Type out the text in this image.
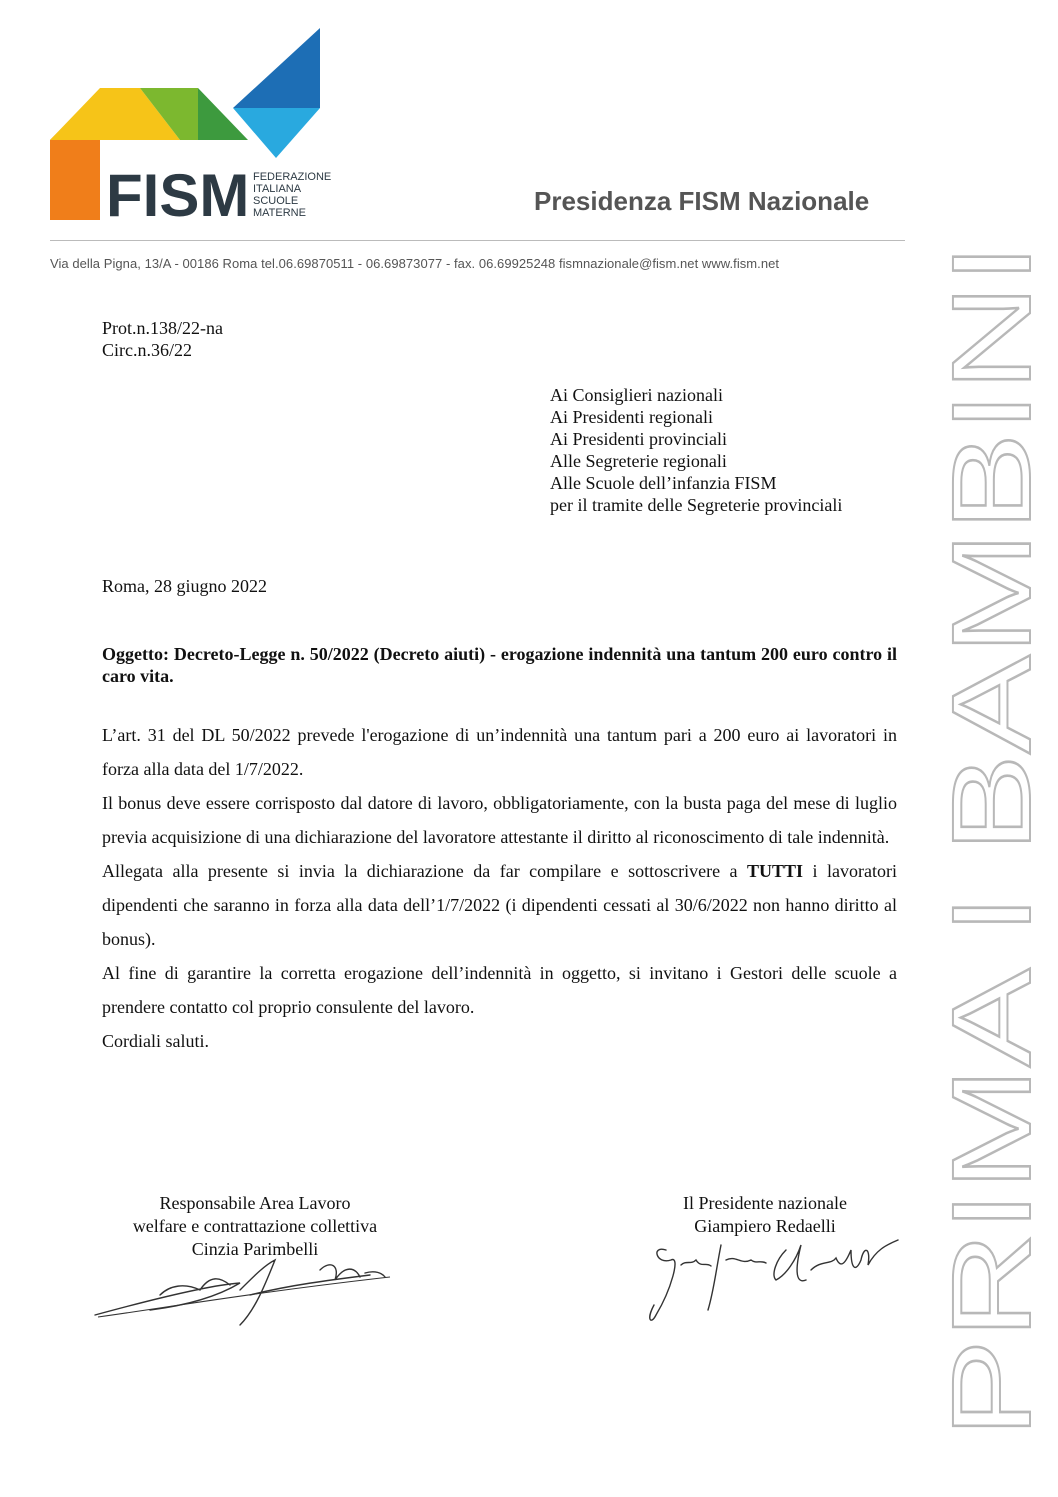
FISM FEDERAZIONE
ITALIANA
SCUOLE
MATERNE	Presidenza FISM Nazionale
Via della Pigna, 13/A - 00186 Roma tel.06.69870511 - 06.69873077 - fax. 06.69925248 fismnazionale@fism.net www.fism.net
PRIMA I BAMBINI
Prot.n.138/22-na
Circ.n.36/22
Ai Consiglieri nazionali
Ai Presidenti regionali
Ai Presidenti provinciali
Alle Segreterie regionali
Alle Scuole dell’infanzia FISM
per il tramite delle Segreterie provinciali
Roma, 28 giugno 2022
Oggetto: Decreto-Legge n. 50/2022 (Decreto aiuti) - erogazione indennità una tantum 200 euro contro il caro vita.

L’art. 31 del DL 50/2022 prevede l'erogazione di un’indennità una tantum pari a 200 euro ai lavoratori in forza alla data del 1/7/2022.

Il bonus deve essere corrisposto dal datore di lavoro, obbligatoriamente, con la busta paga del mese di luglio previa acquisizione di una dichiarazione del lavoratore attestante il diritto al riconoscimento di tale indennità.

Allegata alla presente si invia la dichiarazione da far compilare e sottoscrivere a TUTTI i lavoratori dipendenti che saranno in forza alla data dell’1/7/2022 (i dipendenti cessati al 30/6/2022 non hanno diritto al bonus).

Al fine di garantire la corretta erogazione dell’indennità in oggetto, si invitano i Gestori delle scuole a prendere contatto col proprio consulente del lavoro.

Cordiali saluti.

Responsabile Area Lavoro
welfare e contrattazione collettiva
Cinzia Parimbelli
Il Presidente nazionale
Giampiero Redaelli
